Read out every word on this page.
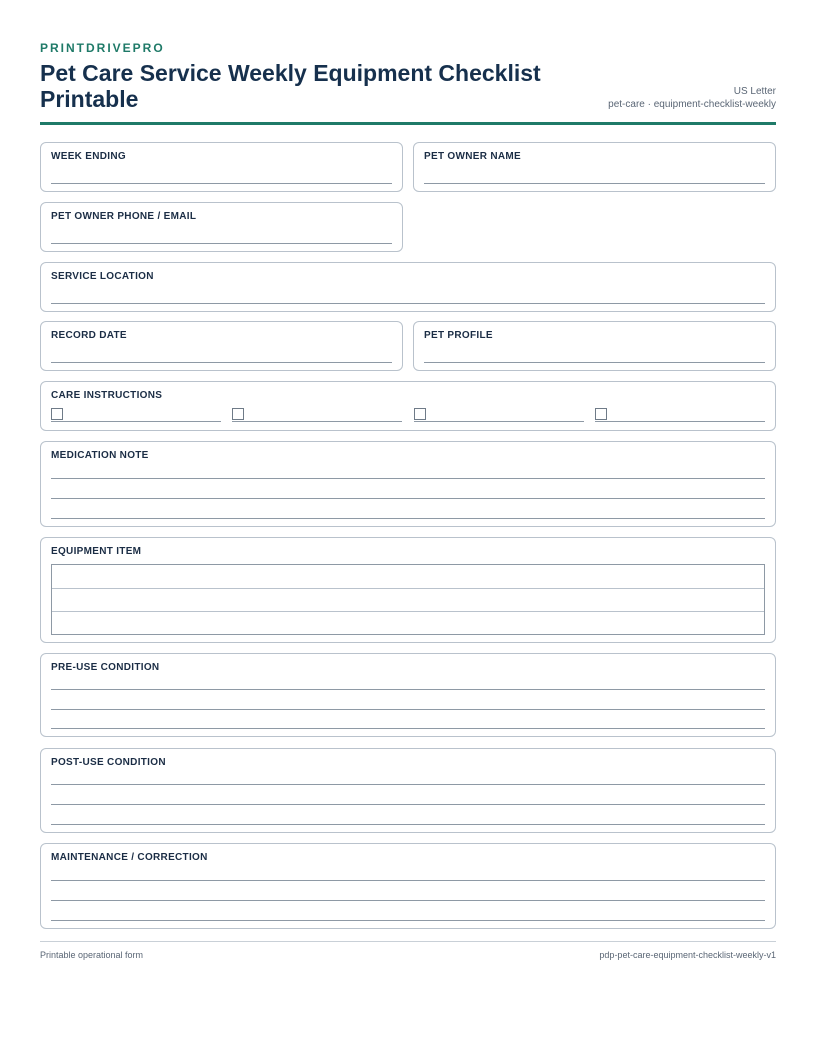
PRINTDRIVEPRO
Pet Care Service Weekly Equipment Checklist Printable	US Letter
pet-care · equipment-checklist-weekly
WEEK ENDING	PET OWNER NAME
PET OWNER PHONE / EMAIL
SERVICE LOCATION
RECORD DATE	PET PROFILE
CARE INSTRUCTIONS
MEDICATION NOTE
EQUIPMENT ITEM
PRE-USE CONDITION
POST-USE CONDITION
MAINTENANCE / CORRECTION
Printable operational form	pdp-pet-care-equipment-checklist-weekly-v1
